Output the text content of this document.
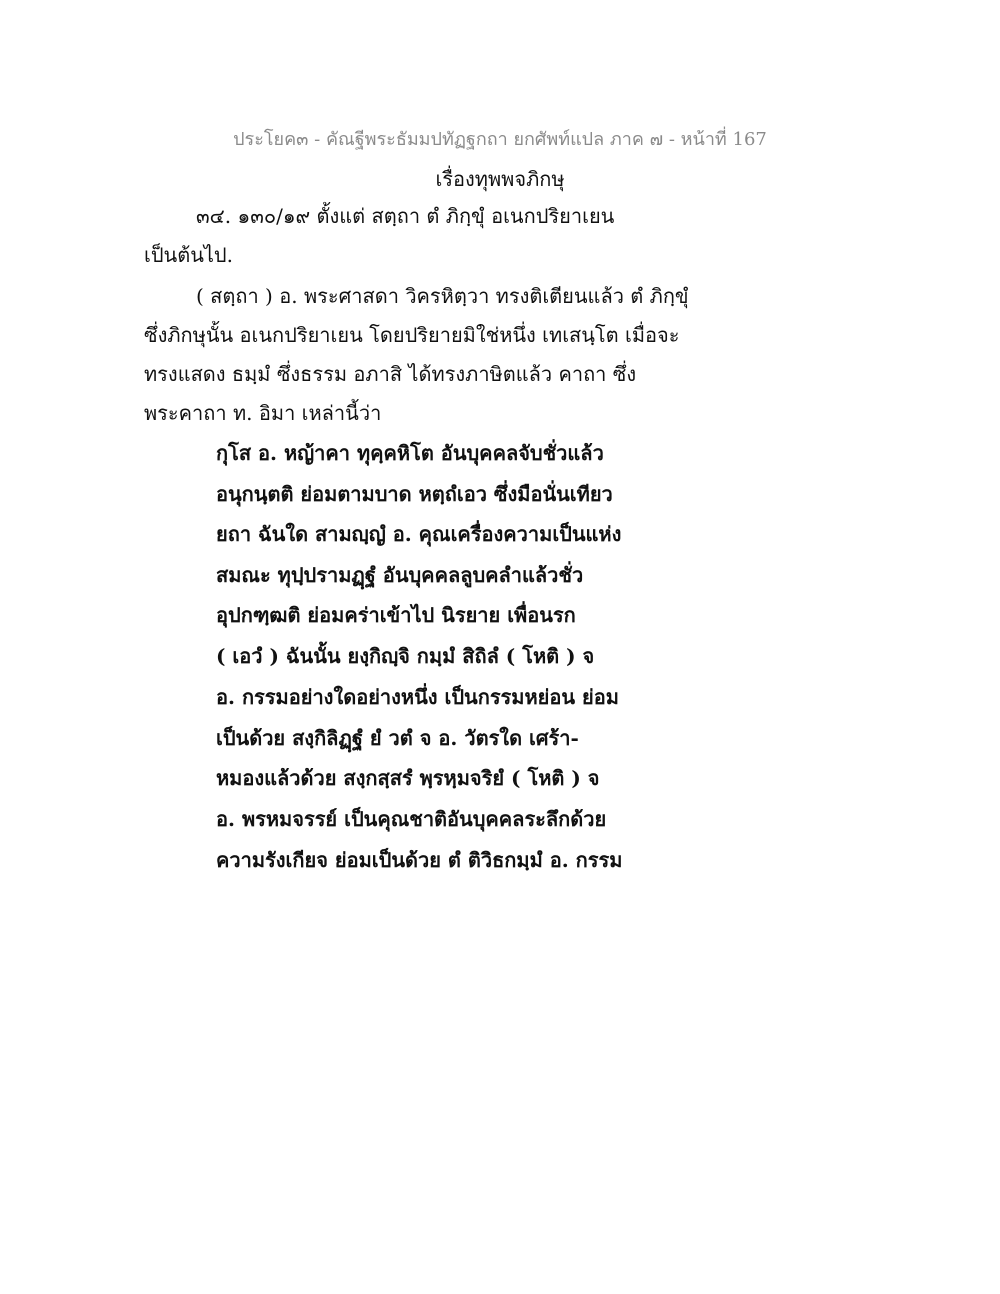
ประโยค๓ - คัณฐีพระธัมมปทัฏฐกถา ยกศัพท์แปล ภาค ๗ - หน้าที่ 167
เรื่องทุพพจภิกษุ
๓๔. ๑๓๐/๑๙ ตั้งแต่ สตฺถา ตํ ภิกฺขุํ อเนกปริยาเยน
เป็นต้นไป.
( สตฺถา ) อ. พระศาสดา วิครหิตฺวา ทรงติเตียนแล้ว ตํ ภิกฺขุํ
ซึ่งภิกษุนั้น อเนกปริยาเยน โดยปริยายมิใช่หนึ่ง เทเสนฺโต เมื่อจะ
ทรงแสดง ธมฺมํ ซึ่งธรรม อภาสิ ได้ทรงภาษิตแล้ว คาถา ซึ่ง
พระคาถา ท. อิมา เหล่านี้ว่า
กุโส อ. หญ้าคา ทุคฺคหิโต อันบุคคลจับชั่วแล้ว
อนุกนฺตติ ย่อมตามบาด หตฺถํเอว ซึ่งมือนั่นเทียว
ยถา ฉันใด สามญฺญํ อ. คุณเครื่องความเป็นแห่ง
สมณะ ทุปฺปรามฏฺฐํ อันบุคคลลูบคลำแล้วชั่ว
อุปกฑฺฒติ ย่อมคร่าเข้าไป นิรยาย เพื่อนรก
( เอวํ ) ฉันนั้น ยงฺกิญฺจิ กมฺมํ สิถิลํ ( โหติ ) จ
อ. กรรมอย่างใดอย่างหนึ่ง เป็นกรรมหย่อน ย่อม
เป็นด้วย สงฺกิลิฏฺฐํ ยํ วตํ จ อ. วัตรใด เศร้า-
หมองแล้วด้วย สงฺกสฺสรํ พฺรหฺมจริยํ ( โหติ ) จ
อ. พรหมจรรย์ เป็นคุณชาติอันบุคคลระลึกด้วย
ความรังเกียจ ย่อมเป็นด้วย ตํ ติวิธกมฺมํ อ. กรรม
